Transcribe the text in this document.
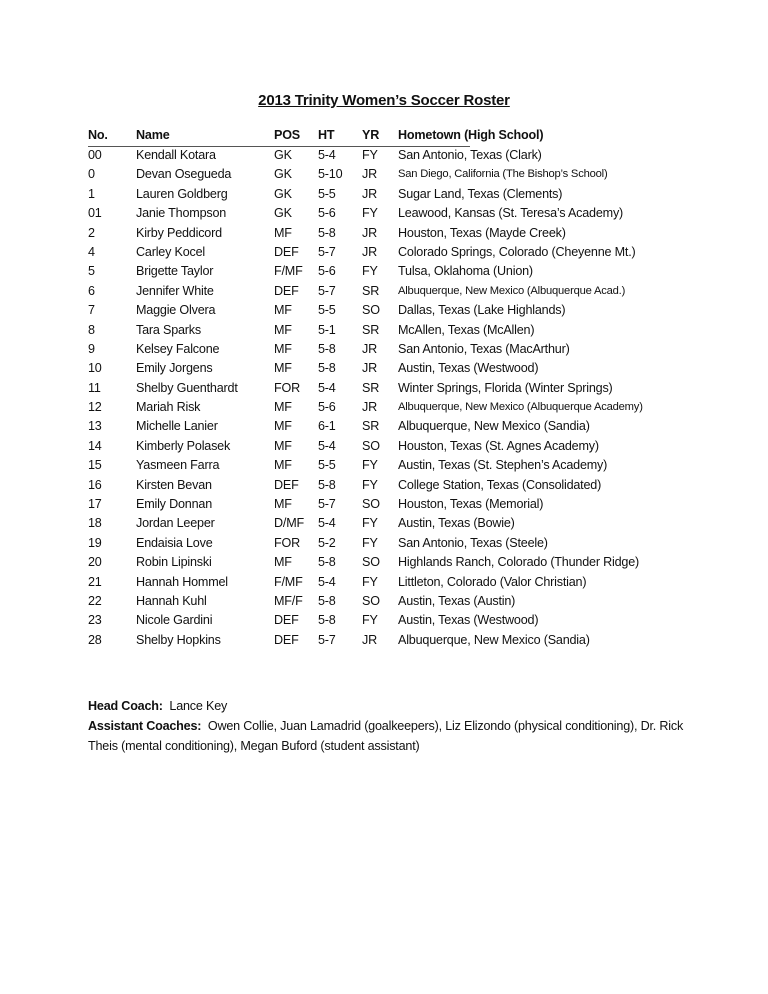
2013 Trinity Women’s Soccer Roster
No. Name	POS HT YR Hometown (High School)
00	Kendall Kotara	GK 5-4 FY San Antonio, Texas (Clark)
0	Devan Osegueda	GK 5-10 JR San Diego, California (The Bishop’s School)
1	Lauren Goldberg	GK 5-5 JR Sugar Land, Texas (Clements)
01	Janie Thompson	GK 5-6 FY Leawood, Kansas (St. Teresa’s Academy)
2	Kirby Peddicord	MF 5-8 JR Houston, Texas (Mayde Creek)
4	Carley Kocel	DEF 5-7 JR Colorado Springs, Colorado (Cheyenne Mt.)
5	Brigette Taylor	F/MF 5-6 FY Tulsa, Oklahoma (Union)
6	Jennifer White	DEF 5-7 SR Albuquerque, New Mexico (Albuquerque Acad.)
7	Maggie Olvera	MF 5-5 SO Dallas, Texas (Lake Highlands)
8	Tara Sparks	MF 5-1 SR McAllen, Texas (McAllen)
9	Kelsey Falcone	MF 5-8 JR San Antonio, Texas (MacArthur)
10	Emily Jorgens	MF 5-8 JR Austin, Texas (Westwood)
11	Shelby Guenthardt	FOR 5-4 SR Winter Springs, Florida (Winter Springs)
12	Mariah Risk	MF 5-6 JR Albuquerque, New Mexico (Albuquerque Academy)
13	Michelle Lanier	MF 6-1 SR Albuquerque, New Mexico (Sandia)
14	Kimberly Polasek	MF 5-4 SO Houston, Texas (St. Agnes Academy)
15	Yasmeen Farra	MF 5-5 FY Austin, Texas (St. Stephen’s Academy)
16	Kirsten Bevan	DEF 5-8 FY College Station, Texas (Consolidated)
17	Emily Donnan	MF 5-7 SO Houston, Texas (Memorial)
18	Jordan Leeper	D/MF 5-4 FY Austin, Texas (Bowie)
19	Endaisia Love	FOR 5-2 FY San Antonio, Texas (Steele)
20	Robin Lipinski	MF 5-8 SO Highlands Ranch, Colorado (Thunder Ridge)
21	Hannah Hommel	F/MF 5-4 FY Littleton, Colorado (Valor Christian)
22	Hannah Kuhl	MF/F 5-8 SO Austin, Texas (Austin)
23	Nicole Gardini	DEF 5-8 FY Austin, Texas (Westwood)
28	Shelby Hopkins	DEF 5-7 JR Albuquerque, New Mexico (Sandia)
Head Coach: Lance Key
Assistant Coaches: Owen Collie, Juan Lamadrid (goalkeepers), Liz Elizondo (physical conditioning), Dr. Rick Theis (mental conditioning), Megan Buford (student assistant)
